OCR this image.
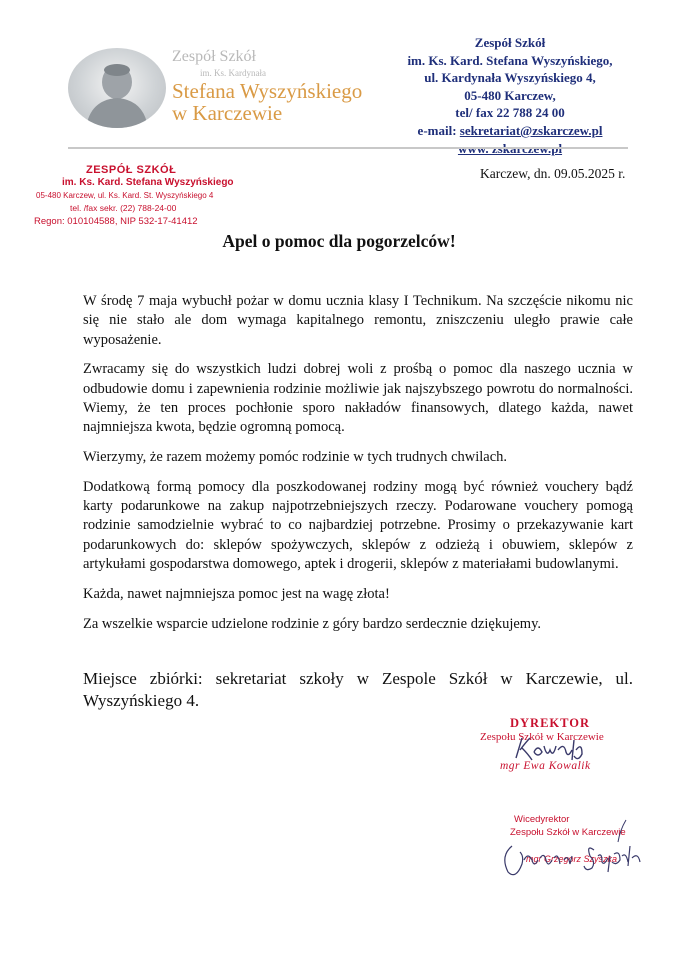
Zespół Szkół
im. Ks. Kardynała
Stefana Wyszyńskiego
w Karczewie
Zespół Szkół
im. Ks. Kard. Stefana Wyszyńskiego,
ul. Kardynała Wyszyńskiego 4,
05-480 Karczew,
tel/ fax 22 788 24 00
e-mail: sekretariat@zskarczew.pl
ZESPÓŁ SZKÓŁ
im. Ks. Kard. Stefana Wyszyńskiego
05-480 Karczew, ul. Ks. Kard. St. Wyszyńskiego 4
tel. /fax sekr. (22) 788-24-00
Regon: 010104588, NIP 532-17-41412
Karczew, dn. 09.05.2025 r.
Apel o pomoc dla pogorzelców!

W środę 7 maja wybuchł pożar w domu ucznia klasy I Technikum. Na szczęście nikomu nic się nie stało ale dom wymaga kapitalnego remontu, zniszczeniu uległo prawie całe wyposażenie.

Zwracamy się do wszystkich ludzi dobrej woli z prośbą o pomoc dla naszego ucznia w odbudowie domu i zapewnienia rodzinie możliwie jak najszybszego powrotu do normalności. Wiemy, że ten proces pochłonie sporo nakładów finansowych, dlatego każda, nawet najmniejsza kwota, będzie ogromną pomocą.

Wierzymy, że razem możemy pomóc rodzinie w tych trudnych chwilach.

Dodatkową formą pomocy dla poszkodowanej rodziny mogą być również vouchery bądź karty podarunkowe na zakup najpotrzebniejszych rzeczy. Podarowane vouchery pomogą rodzinie samodzielnie wybrać to co najbardziej potrzebne. Prosimy o przekazywanie kart podarunkowych do: sklepów spożywczych, sklepów z odzieżą i obuwiem, sklepów z artykułami gospodarstwa domowego, aptek i drogerii, sklepów z materiałami budowlanymi.

Każda, nawet najmniejsza pomoc jest na wagę złota!

Za wszelkie wsparcie udzielone rodzinie z góry bardzo serdecznie dziękujemy.

Miejsce zbiórki: sekretariat szkoły w Zespole Szkół w Karczewie, ul. Wyszyńskiego 4.
DYREKTOR
Zespołu Szkół w Karczewie
mgr Ewa Kowalik
Wicedyrektor
Zespołu Szkół w Karczewie
mgr Grzegorz Szyszka
